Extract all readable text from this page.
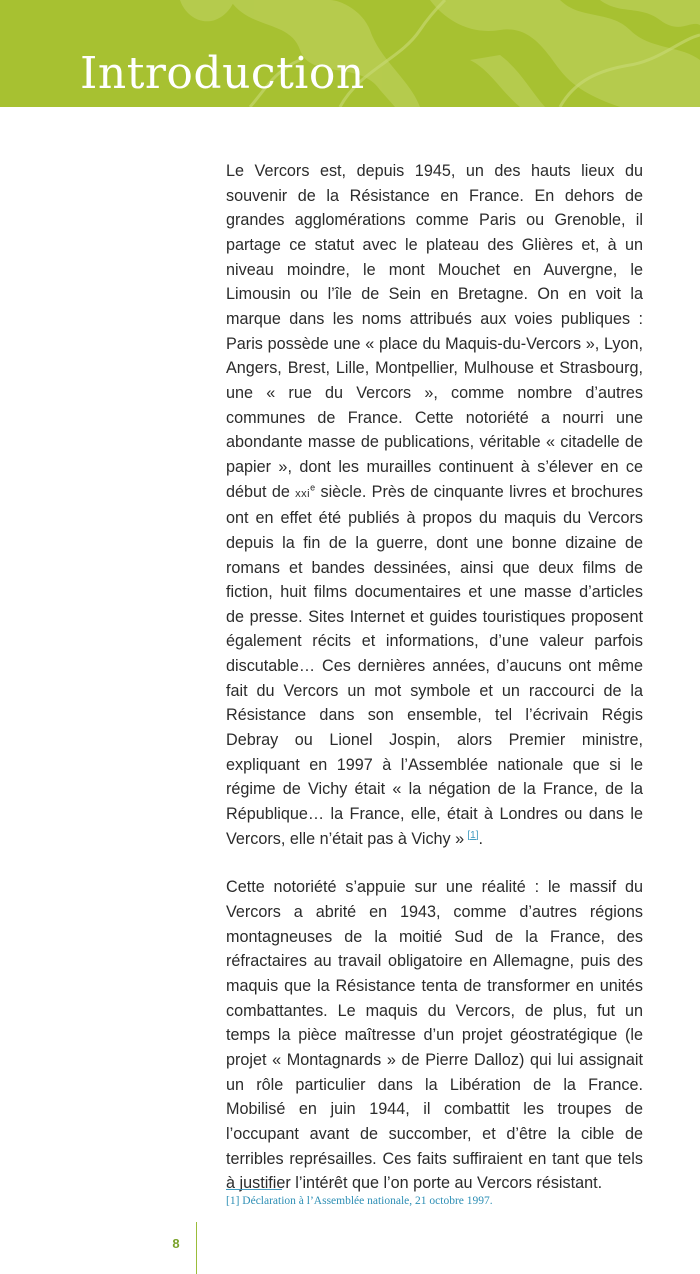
Introduction

Le Vercors est, depuis 1945, un des hauts lieux du souvenir de la Résistance en France. En dehors de grandes agglomérations comme Paris ou Grenoble, il partage ce statut avec le plateau des Glières et, à un niveau moindre, le mont Mouchet en Auvergne, le Limousin ou l’île de Sein en Bretagne. On en voit la marque dans les noms attribués aux voies publiques : Paris possède une « place du Maquis-du-Vercors », Lyon, Angers, Brest, Lille, Montpellier, Mulhouse et Strasbourg, une « rue du Vercors », comme nombre d’autres communes de France. Cette notoriété a nourri une abondante masse de publications, véritable « citadelle de papier », dont les murailles continuent à s’élever en ce début de xxi$^e$ siècle. Près de cinquante livres et brochures ont en effet été publiés à propos du maquis du Vercors depuis la fin de la guerre, dont une bonne dizaine de romans et bandes dessinées, ainsi que deux films de fiction, huit films documentaires et une masse d’articles de presse. Sites Internet et guides touristiques proposent également récits et informations, d’une valeur parfois discutable… Ces dernières années, d’aucuns ont même fait du Vercors un mot symbole et un raccourci de la Résistance dans son ensemble, tel l’écrivain Régis Debray ou Lionel Jospin, alors Premier ministre, expliquant en 1997 à l’Assemblée nationale que si le régime de Vichy était « la négation de la France, de la République… la France, elle, était à Londres ou dans le Vercors, elle n’était pas à Vichy »  [1].

Cette notoriété s’appuie sur une réalité : le massif du Vercors a abrité en 1943, comme d’autres régions montagneuses de la moitié Sud de la France, des réfractaires au travail obligatoire en Allemagne, puis des maquis que la Résistance tenta de transformer en unités combattantes. Le maquis du Vercors, de plus, fut un temps la pièce maîtresse d’un projet géostratégique (le projet « Montagnards » de Pierre Dalloz) qui lui assignait un rôle particulier dans la Libération de la France. Mobilisé en juin 1944, il combattit les troupes de l’occupant avant de succomber, et d’être la cible de terribles représailles. Ces faits suffiraient en tant que tels à justifier l’intérêt que l’on porte au Vercors résistant.

[1] Déclaration à l’Assemblée nationale, 21 octobre 1997.

8
